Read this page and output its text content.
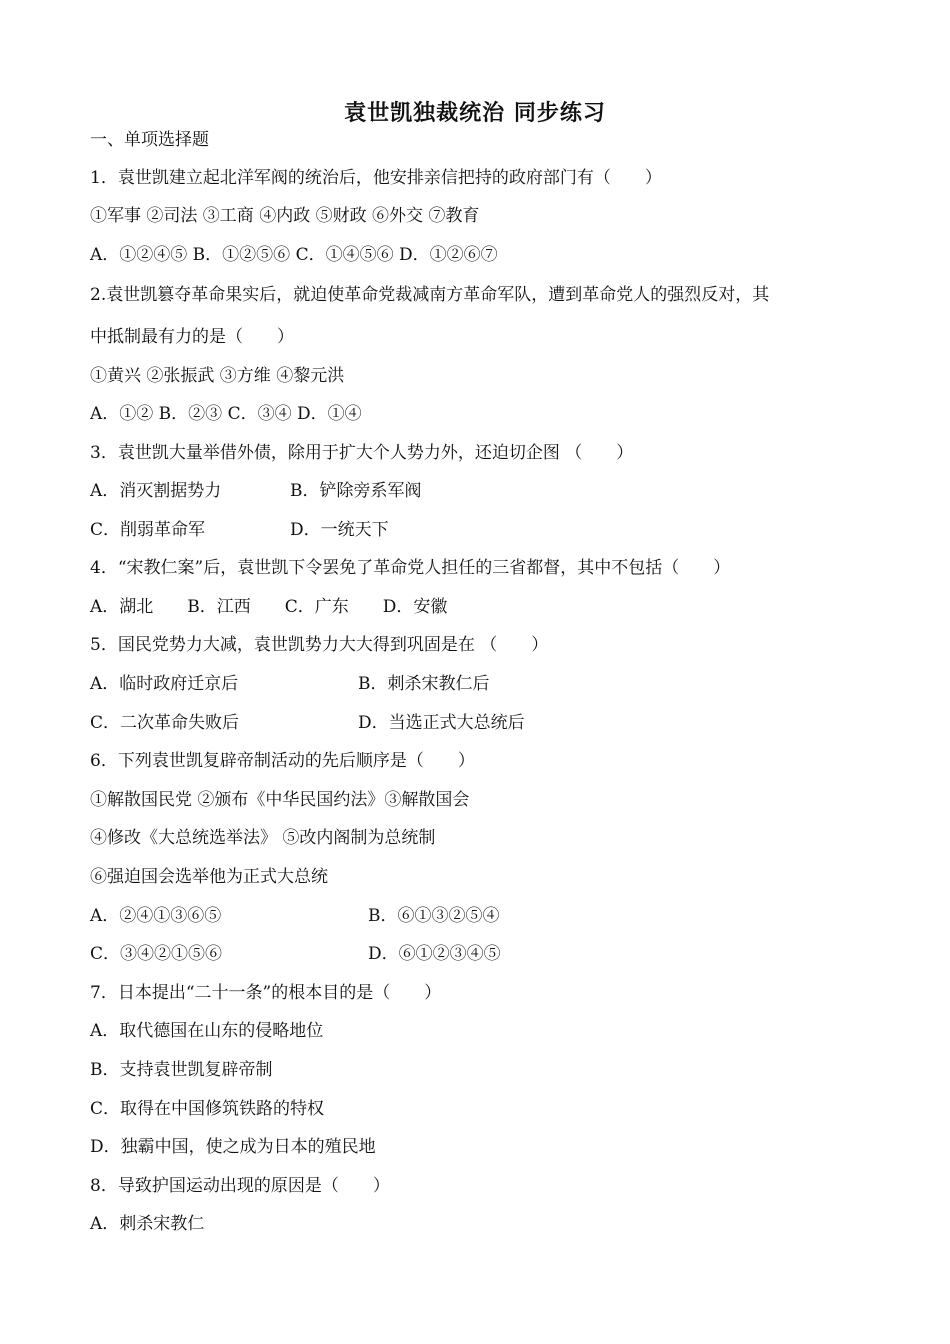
袁世凯独裁统治 同步练习
一、单项选择题
1．袁世凯建立起北洋军阀的统治后，他安排亲信把持的政府部门有（　　）
①军事 ②司法 ③工商 ④内政 ⑤财政 ⑥外交 ⑦教育
A．①②④⑤ B．①②⑤⑥ C．①④⑤⑥ D．①②⑥⑦
2.袁世凯篡夺革命果实后，就迫使革命党裁减南方革命军队，遭到革命党人的强烈反对，其
中抵制最有力的是（　　）
①黄兴 ②张振武 ③方维 ④黎元洪
A．①② B．②③ C．③④ D．①④
3．袁世凯大量举借外债，除用于扩大个人势力外，还迫切企图 （　　）
A．消灭割据势力	B．铲除旁系军阀
C．削弱革命军	D．一统天下
4．“宋教仁案”后，袁世凯下令罢免了革命党人担任的三省都督，其中不包括（　　）
A．湖北　　B．江西　　C．广东　　D．安徽
5．国民党势力大减，袁世凯势力大大得到巩固是在 （　　）
A．临时政府迁京后	B．刺杀宋教仁后
C．二次革命失败后	D．当选正式大总统后
6．下列袁世凯复辟帝制活动的先后顺序是（　　）
①解散国民党 ②颁布《中华民国约法》③解散国会
④修改《大总统选举法》 ⑤改内阁制为总统制
⑥强迫国会选举他为正式大总统
A．②④①③⑥⑤	B．⑥①③②⑤④
C．③④②①⑤⑥	D．⑥①②③④⑤
7．日本提出“二十一条”的根本目的是（　　）
A．取代德国在山东的侵略地位
B．支持袁世凯复辟帝制
C．取得在中国修筑铁路的特权
D．独霸中国，使之成为日本的殖民地
8．导致护国运动出现的原因是（　　）
A．刺杀宋教仁
